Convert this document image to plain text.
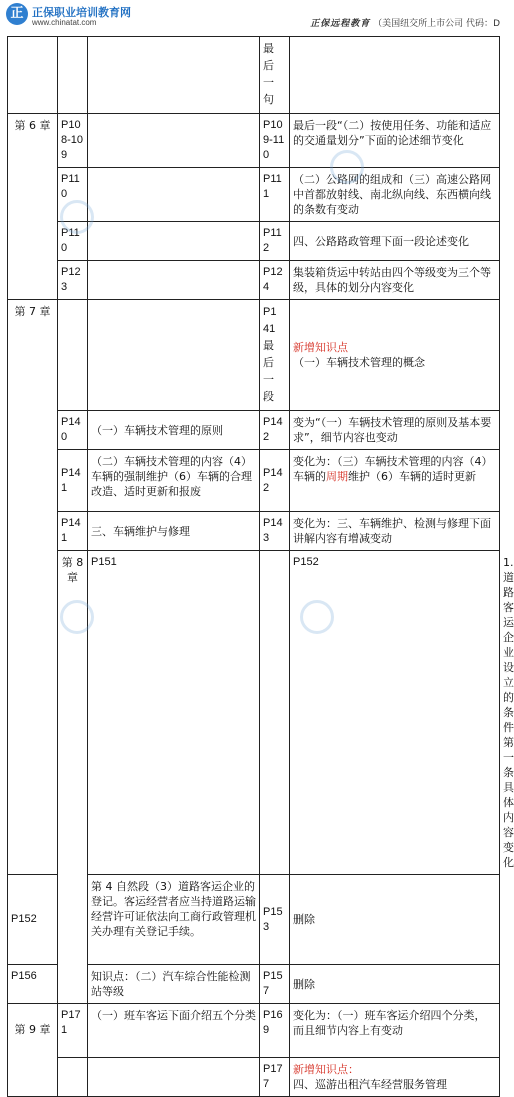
正 正保职业培训教育网
www.chinatat.com	正保远程教育 （美国纽交所上市公司 代码：D

			最后一句		

第 6 章	P108-109		P109-110	最后一段“（二）按使用任务、功能和适应的交通量划分”下面的论述细节变化	
	P110		P111	（二）公路网的组成和（三）高速公路网中首都放射线、南北纵向线、东西横向线的条数有变动	
	P110		P112	四、公路路政管理下面一段论述变化	
	P123		P124	集装箱货运中转站由四个等级变为三个等级，具体的划分内容变化	
第 7 章			P141最后一段	新增知识点
（一）车辆技术管理的概念	

	P140	（一）车辆技术管理的原则	P142	变为“（一）车辆技术管理的原则及基本要求”，细节内容也变动	
	P141	（二）车辆技术管理的内容（4）车辆的强制维护（6）车辆的合理改造、适时更新和报废	P142	变化为：（三）车辆技术管理的内容（4）车辆的周期维护（6）车辆的适时更新	
	P141	三、车辆维护与修理	P143	变化为：三、车辆维护、检测与修理下面讲解内容有增减变动	
	第 8 章	P151		P152	1.道路客运企业设立的条件第一条具体内容变化
P152		第 4 自然段（3）道路客运企业的登记。客运经营者应当持道路运输经营许可证依法向工商行政管理机关办理有关登记手续。	P153	删除	
P156		知识点：（二）汽车综合性能检测站等级	P157	删除	
第 9 章	P171	（一）班车客运下面介绍五个分类	P169	变化为：（一）班车客运介绍四个分类，而且细节内容上有变动	
			P177	新增知识点：
四、巡游出租汽车经营服务管理	
